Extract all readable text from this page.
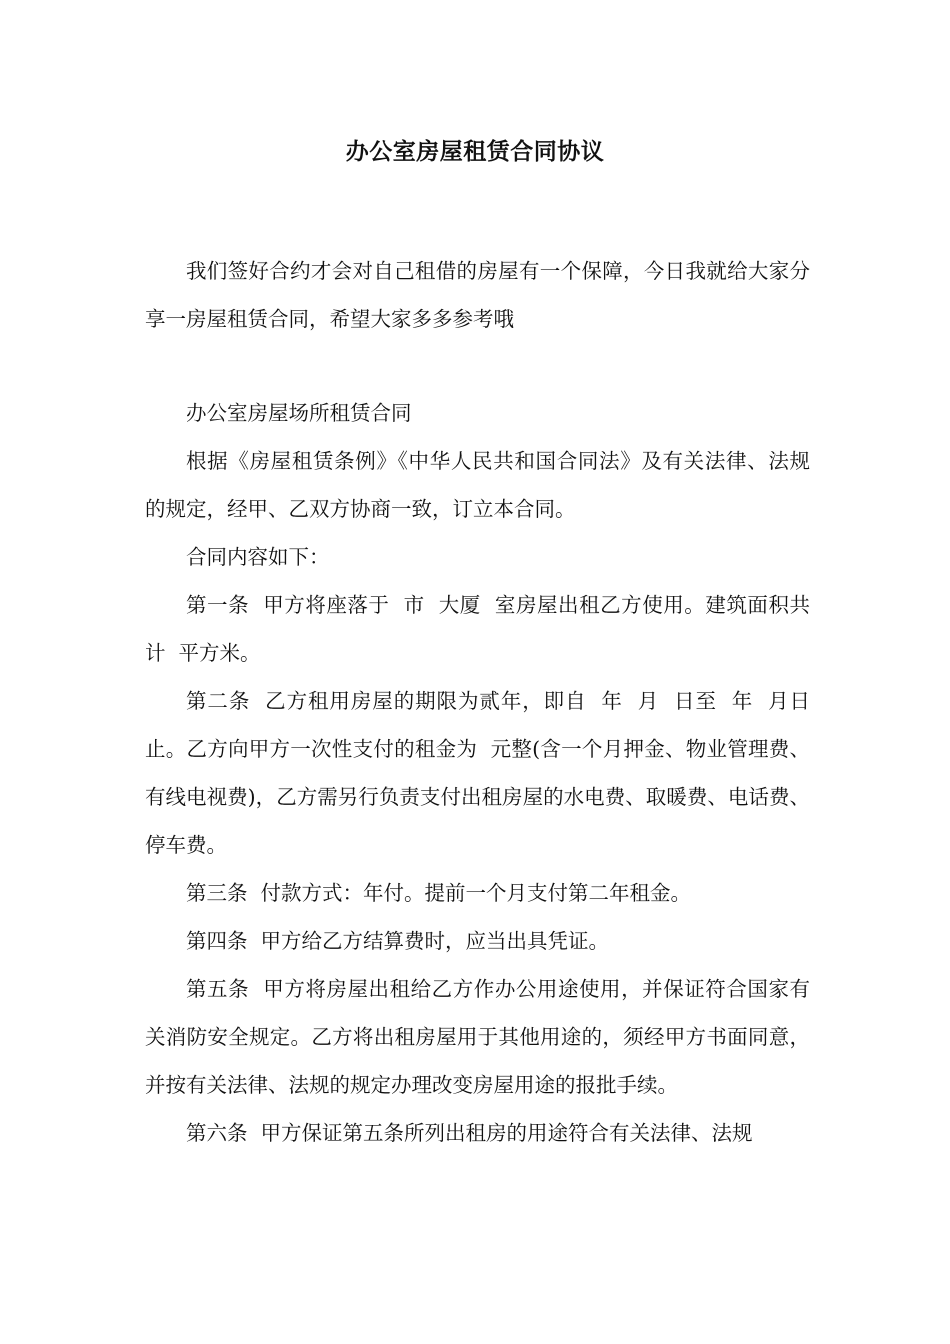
办公室房屋租赁合同协议

我们签好合约才会对自己租借的房屋有一个保障，今日我就给大家分享一房屋租赁合同，希望大家多多参考哦

办公室房屋场所租赁合同

根据《房屋租赁条例》《中华人民共和国合同法》及有关法律、法规的规定，经甲、乙双方协商一致，订立本合同。

合同内容如下：

第一条  甲方将座落于  市  大厦  室房屋出租乙方使用。建筑面积共计  平方米。

第二条  乙方租用房屋的期限为贰年，即自  年  月  日至  年  月日止。乙方向甲方一次性支付的租金为  元整(含一个月押金、物业管理费、有线电视费)，乙方需另行负责支付出租房屋的水电费、取暖费、电话费、停车费。

第三条  付款方式：年付。提前一个月支付第二年租金。

第四条  甲方给乙方结算费时，应当出具凭证。

第五条  甲方将房屋出租给乙方作办公用途使用，并保证符合国家有关消防安全规定。乙方将出租房屋用于其他用途的，须经甲方书面同意，并按有关法律、法规的规定办理改变房屋用途的报批手续。

第六条  甲方保证第五条所列出租房的用途符合有关法律、法规
